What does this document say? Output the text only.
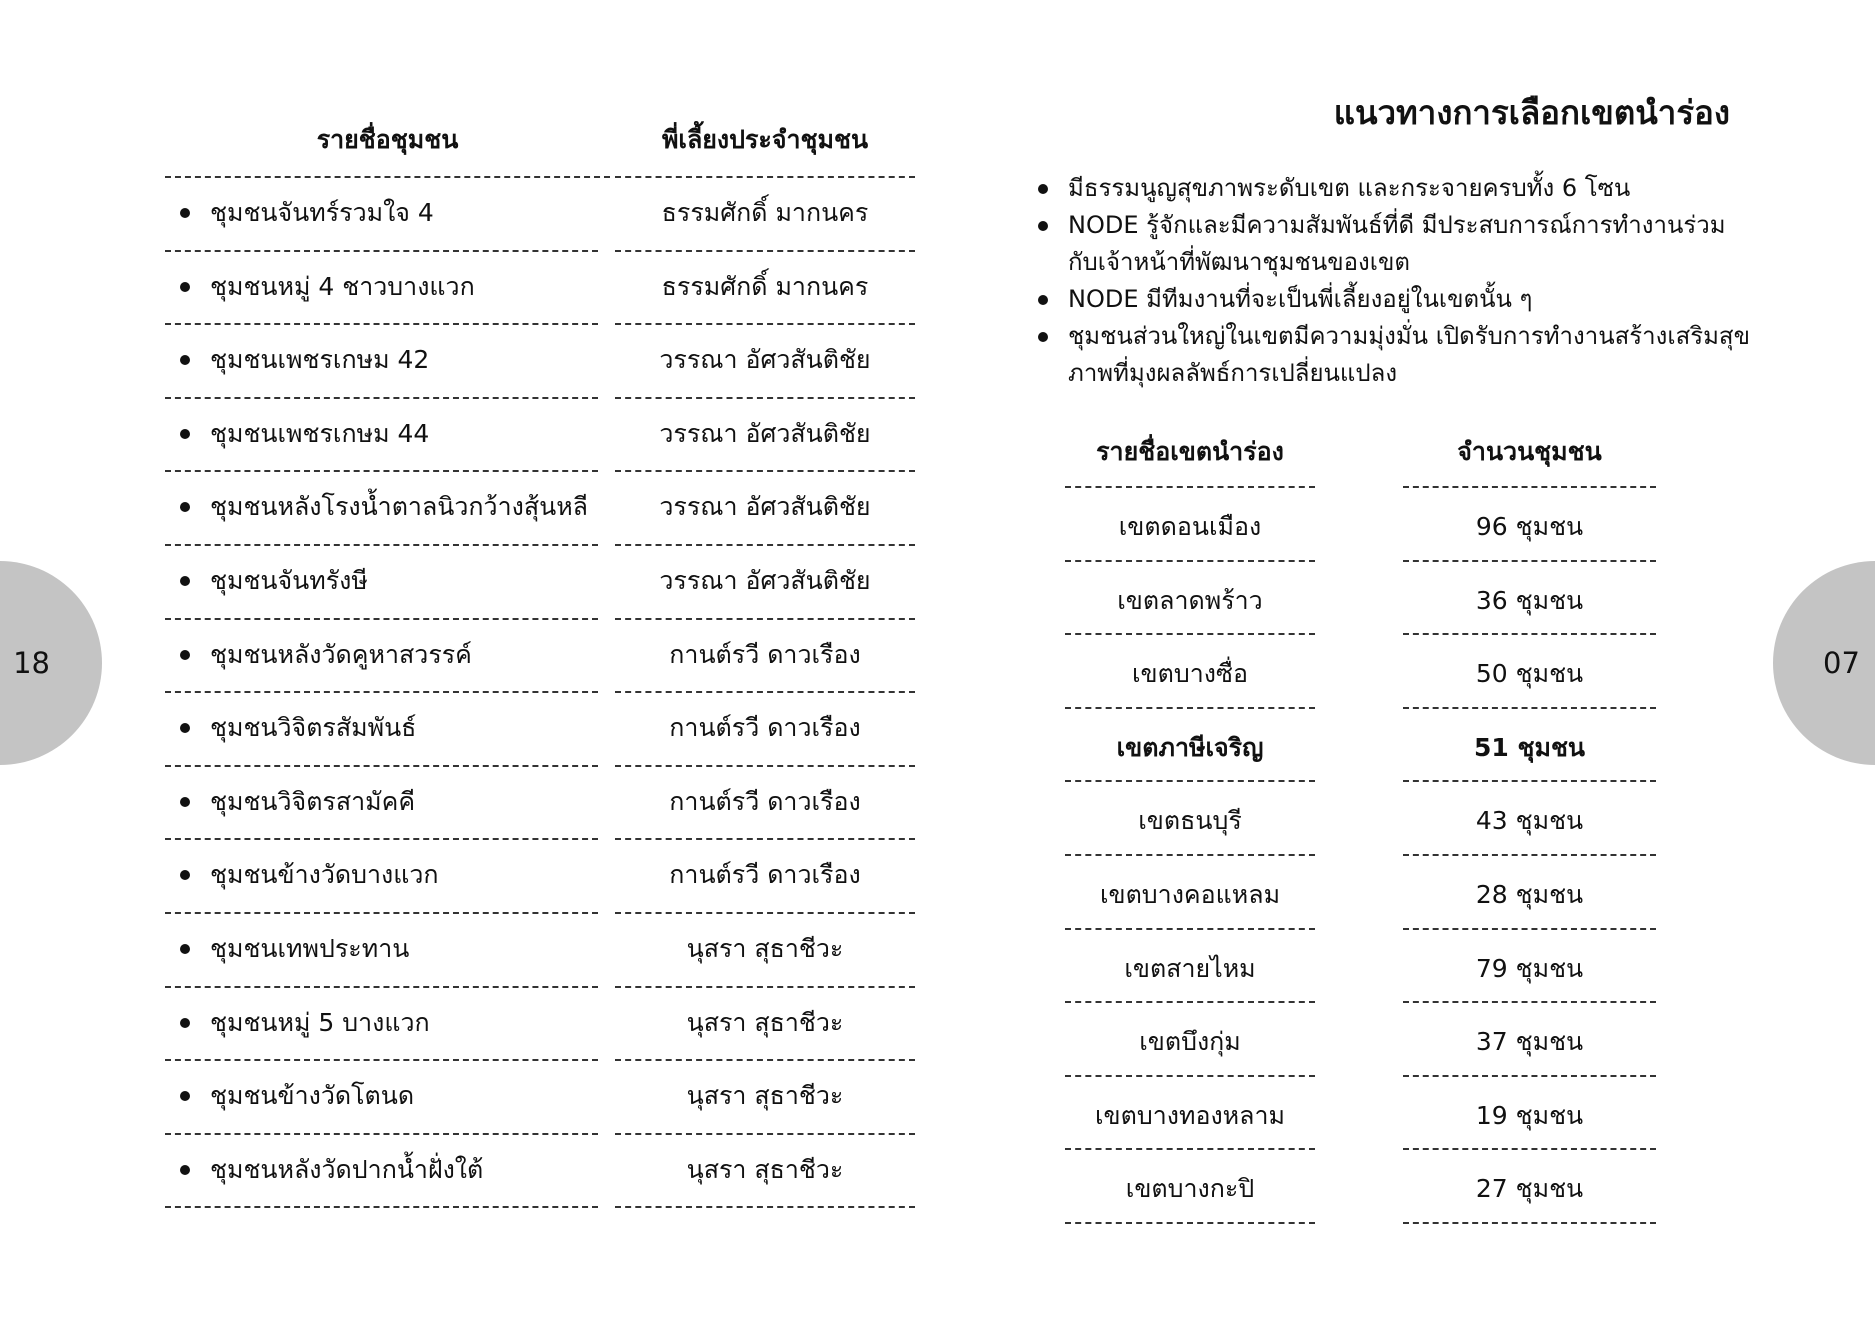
18	07
รายชื่อชุมชน	พี่เลี้ยงประจำชุมชน
ชุมชนจันทร์รวมใจ 4	ธรรมศักดิ์ มากนคร
ชุมชนหมู่ 4 ชาวบางแวก	ธรรมศักดิ์ มากนคร
ชุมชนเพชรเกษม 42	วรรณา อัศวสันติชัย
ชุมชนเพชรเกษม 44	วรรณา อัศวสันติชัย
ชุมชนหลังโรงน้ำตาลนิวกว้างสุ้นหลี	วรรณา อัศวสันติชัย
ชุมชนจันทรังษี	วรรณา อัศวสันติชัย
ชุมชนหลังวัดคูหาสวรรค์	กานต์รวี ดาวเรือง
ชุมชนวิจิตรสัมพันธ์	กานต์รวี ดาวเรือง
ชุมชนวิจิตรสามัคคี	กานต์รวี ดาวเรือง
ชุมชนข้างวัดบางแวก	กานต์รวี ดาวเรือง
ชุมชนเทพประทาน	นุสรา สุธาชีวะ
ชุมชนหมู่ 5 บางแวก	นุสรา สุธาชีวะ
ชุมชนข้างวัดโตนด	นุสรา สุธาชีวะ
ชุมชนหลังวัดปากน้ำฝั่งใต้	นุสรา สุธาชีวะ
แนวทางการเลือกเขตนำร่อง
มีธรรมนูญสุขภาพระดับเขต และกระจายครบทั้ง 6 โซน
NODE รู้จักและมีความสัมพันธ์ที่ดี มีประสบการณ์การทำงานร่วมกับเจ้าหน้าที่พัฒนาชุมชนของเขต
NODE มีทีมงานที่จะเป็นพี่เลี้ยงอยู่ในเขตนั้น ๆ
ชุมชนส่วนใหญ่ในเขตมีความมุ่งมั่น เปิดรับการทำงานสร้างเสริมสุขภาพที่มุงผลลัพธ์การเปลี่ยนแปลง
รายชื่อเขตนำร่อง	จำนวนชุมชน
เขตดอนเมือง	96 ชุมชน
เขตลาดพร้าว	36 ชุมชน
เขตบางซื่อ	50 ชุมชน
เขตภาษีเจริญ	51 ชุมชน
เขตธนบุรี	43 ชุมชน
เขตบางคอแหลม	28 ชุมชน
เขตสายไหม	79 ชุมชน
เขตบึงกุ่ม	37 ชุมชน
เขตบางทองหลาม	19 ชุมชน
เขตบางกะปิ	27 ชุมชน
